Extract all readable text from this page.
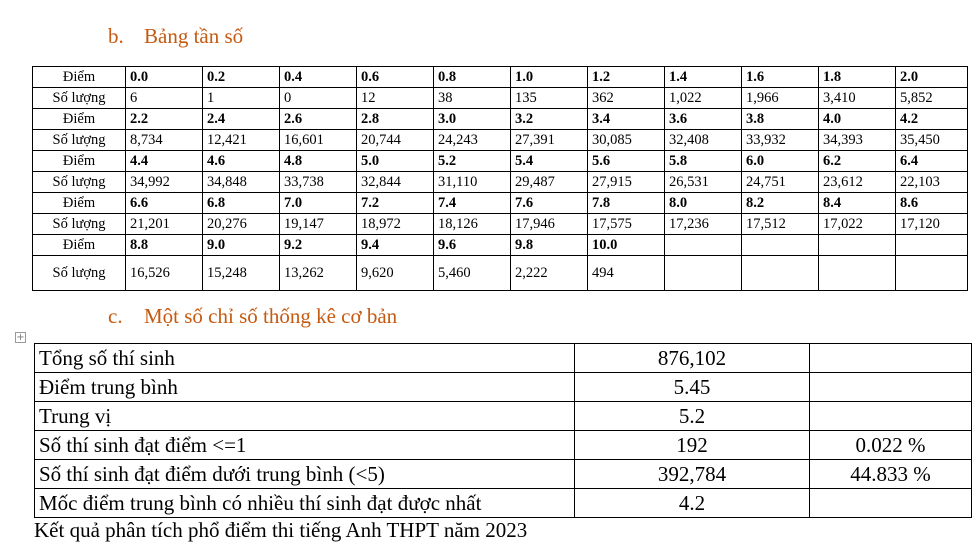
b. Bảng tần số
Điểm	0.0	0.2	0.4	0.6	0.8	1.0	1.2	1.4	1.6	1.8	2.0
Số lượng	6	1	0	12	38	135	362	1,022	1,966	3,410	5,852
Điểm	2.2	2.4	2.6	2.8	3.0	3.2	3.4	3.6	3.8	4.0	4.2
Số lượng	8,734	12,421	16,601	20,744	24,243	27,391	30,085	32,408	33,932	34,393	35,450
Điểm	4.4	4.6	4.8	5.0	5.2	5.4	5.6	5.8	6.0	6.2	6.4
Số lượng	34,992	34,848	33,738	32,844	31,110	29,487	27,915	26,531	24,751	23,612	22,103
Điểm	6.6	6.8	7.0	7.2	7.4	7.6	7.8	8.0	8.2	8.4	8.6
Số lượng	21,201	20,276	19,147	18,972	18,126	17,946	17,575	17,236	17,512	17,022	17,120
Điểm	8.8	9.0	9.2	9.4	9.6	9.8	10.0				
Số lượng	16,526	15,248	13,262	9,620	5,460	2,222	494				
+
c. Một số chỉ số thống kê cơ bản
Tổng số thí sinh	876,102	
Điểm trung bình	5.45	
Trung vị	5.2	
Số thí sinh đạt điểm <=1	192	0.022 %
Số thí sinh đạt điểm dưới trung bình (<5)	392,784	44.833 %
Mốc điểm trung bình có nhiều thí sinh đạt được nhất	4.2	
Kết quả phân tích phổ điểm thi tiếng Anh THPT năm 2023
